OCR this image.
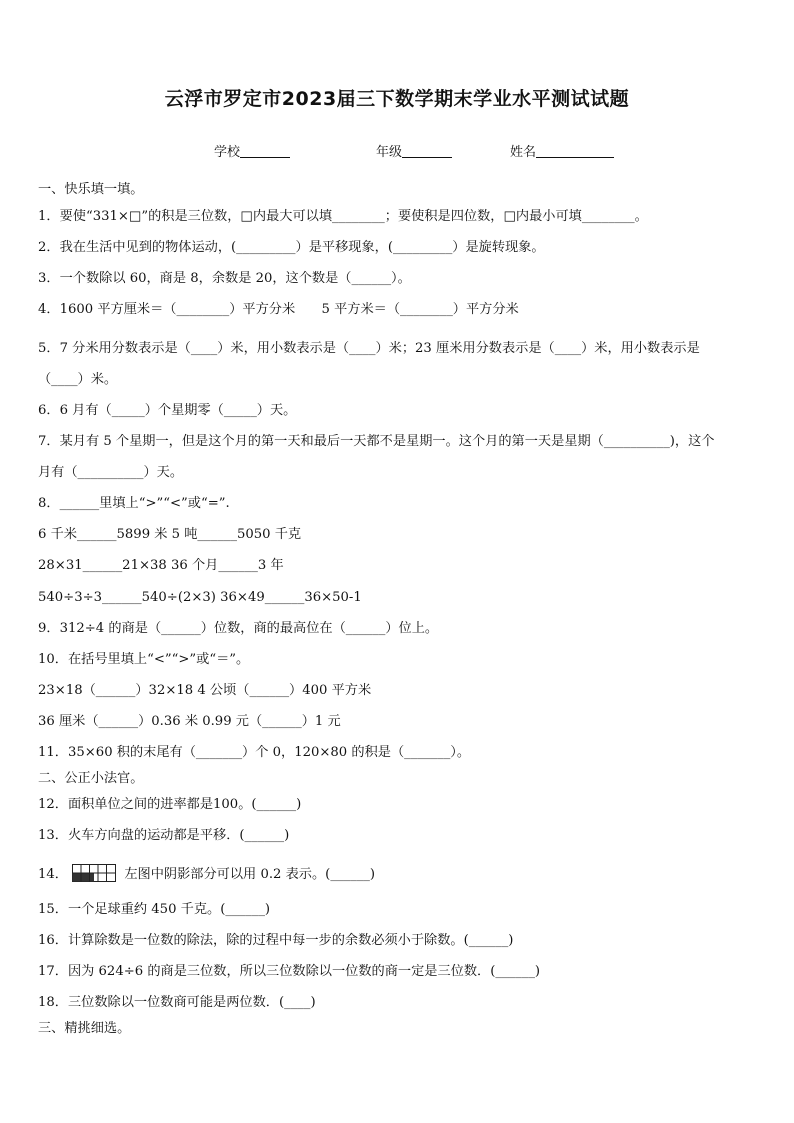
云浮市罗定市2023届三下数学期末学业水平测试试题
学校	年级	姓名
一、快乐填一填。
1．要使“331×□”的积是三位数，□内最大可以填________；要使积是四位数，□内最小可填________。
2．我在生活中见到的物体运动，(_________）是平移现象，(_________）是旋转现象。
3．一个数除以 60，商是 8，余数是 20，这个数是（______）。
4．1600 平方厘米＝（________）平方分米　　5 平方米＝（________）平方分米
5．7 分米用分数表示是（____）米，用小数表示是（____）米；23 厘米用分数表示是（____）米，用小数表示是
（____）米。
6．6 月有（_____）个星期零（_____）天。
7．某月有 5 个星期一，但是这个月的第一天和最后一天都不是星期一。这个月的第一天是星期（__________)，这个
月有（__________）天。
8．______里填上“>”“<”或“=”.
6 千米______5899 米 5 吨______5050 千克
28×31______21×38 36 个月______3 年
540÷3÷3______540÷(2×3) 36×49______36×50-1
9．312÷4 的商是（______）位数，商的最高位在（______）位上。
10．在括号里填上“<”“>”或“＝”。
23×18（______）32×18 4 公顷（______）400 平方米
36 厘米（______）0.36 米 0.99 元（______）1 元
11．35×60 积的末尾有（_______）个 0，120×80 的积是（_______）。
二、公正小法官。
12．面积单位之间的进率都是100。(______)
13．火车方向盘的运动都是平移．(______)
14．	左图中阴影部分可以用 0.2 表示。(______)
15．一个足球重约 450 千克。(______)
16．计算除数是一位数的除法，除的过程中每一步的余数必须小于除数。(______)
17．因为 624÷6 的商是三位数，所以三位数除以一位数的商一定是三位数．(______)
18．三位数除以一位数商可能是两位数．(____)
三、精挑细选。
